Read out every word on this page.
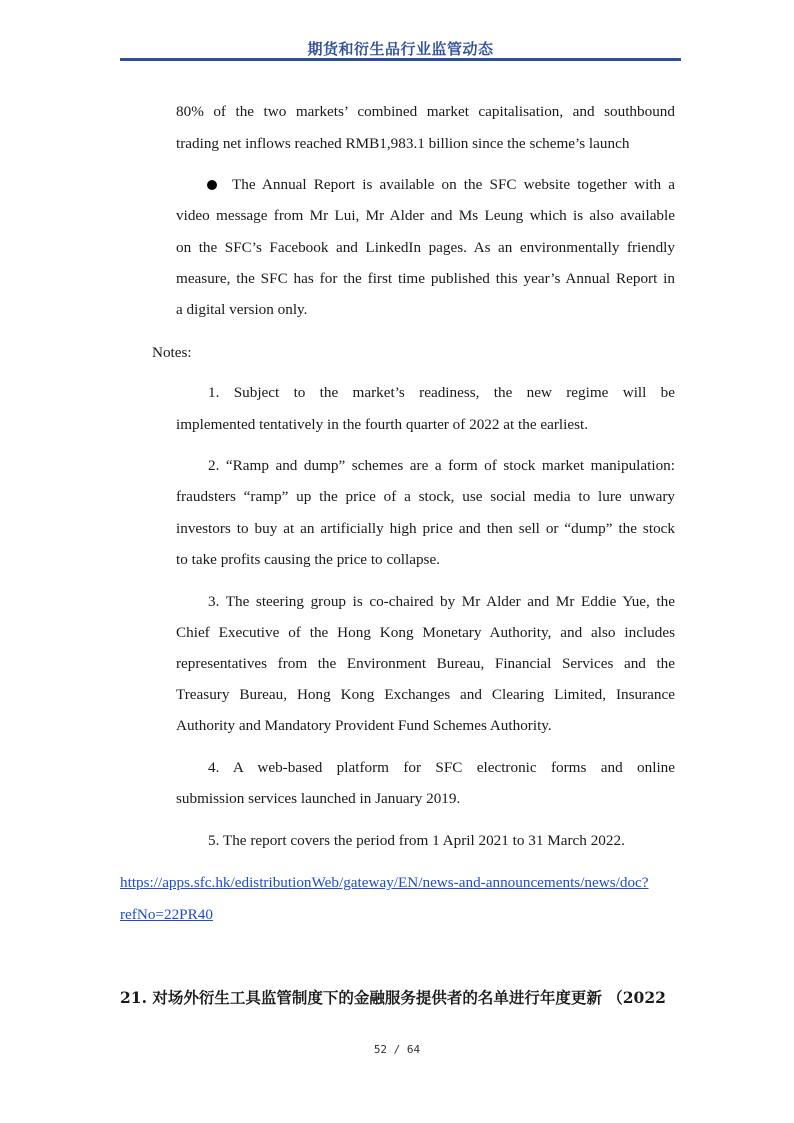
期货和衍生品行业监管动态
80% of the two markets’ combined market capitalisation, and southbound
trading net inflows reached RMB1,983.1 billion since the scheme’s launch
The Annual Report is available on the SFC website together with a
video message from Mr Lui, Mr Alder and Ms Leung which is also available
on the SFC’s Facebook and LinkedIn pages. As an environmentally friendly
measure, the SFC has for the first time published this year’s Annual Report in
a digital version only.
Notes:
1. Subject to the market’s readiness, the new regime will be
implemented tentatively in the fourth quarter of 2022 at the earliest.
2. “Ramp and dump” schemes are a form of stock market manipulation:
fraudsters “ramp” up the price of a stock, use social media to lure unwary
investors to buy at an artificially high price and then sell or “dump” the stock
to take profits causing the price to collapse.
3. The steering group is co-chaired by Mr Alder and Mr Eddie Yue, the
Chief Executive of the Hong Kong Monetary Authority, and also includes
representatives from the Environment Bureau, Financial Services and the
Treasury Bureau, Hong Kong Exchanges and Clearing Limited, Insurance
Authority and Mandatory Provident Fund Schemes Authority.
4. A web-based platform for SFC electronic forms and online
submission services launched in January 2019.
5. The report covers the period from 1 April 2021 to 31 March 2022.
https://apps.sfc.hk/edistributionWeb/gateway/EN/news-and-announcements/news/doc?
refNo=22PR40
21. 对场外衍生工具监管制度下的金融服务提供者的名单进行年度更新 （2022
52 / 64
